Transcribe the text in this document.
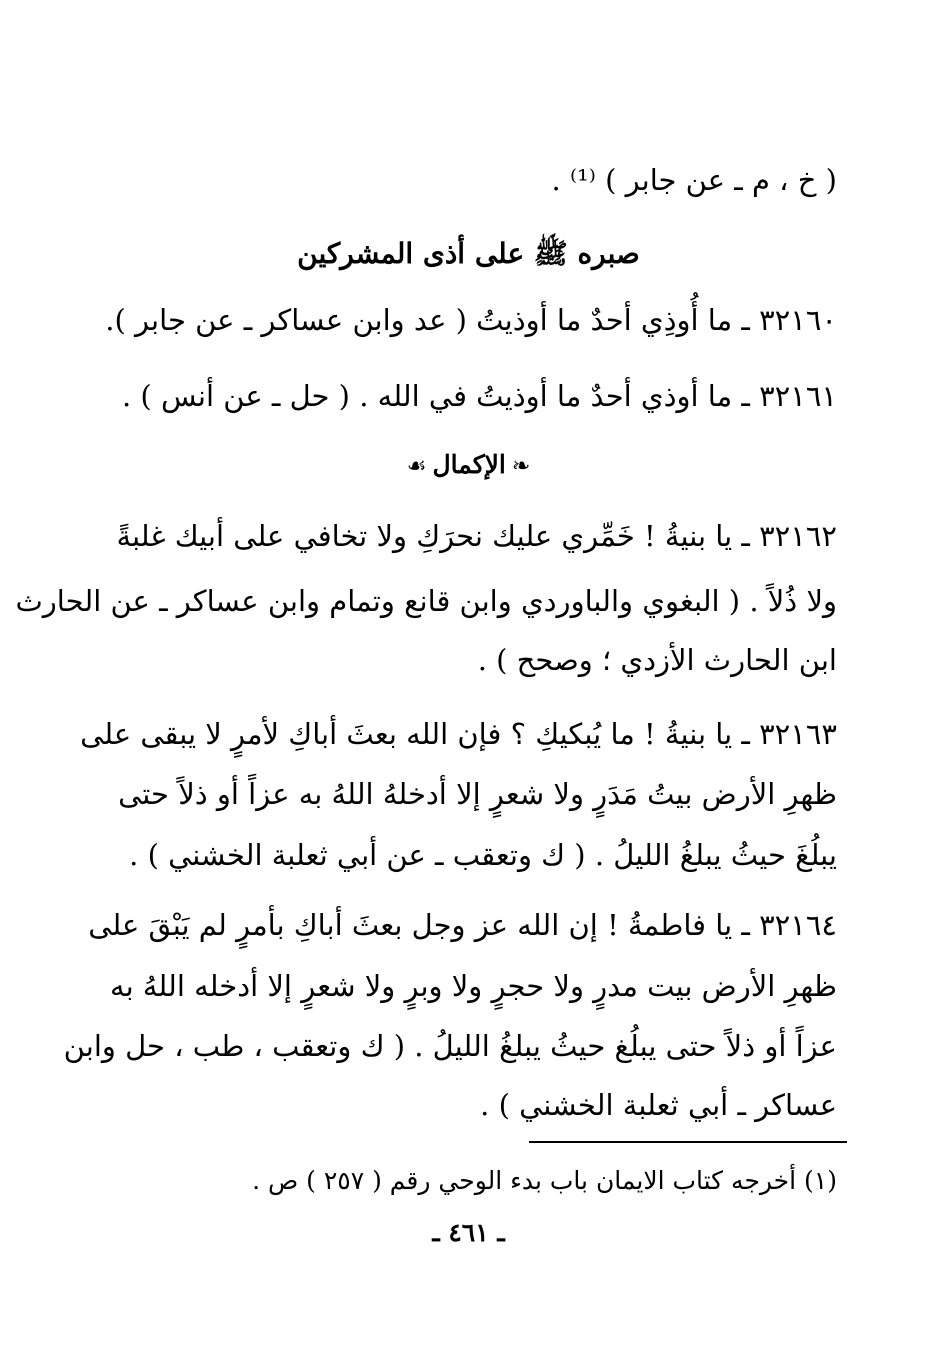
( خ ، م ـ عن جابر ) ⁽¹⁾ .
صبره ﷺ على أذى المشركين
٣٢١٦٠ ـ ما أُوذِي أحدٌ ما أوذيتُ ( عد وابن عساكر ـ عن جابر ).
٣٢١٦١ ـ ما أوذي أحدٌ ما أوذيتُ في الله . ( حل ـ عن أنس ) .
❧الإكمال☙
٣٢١٦٢ ـ يا بنيةُ ! خَمِّري عليك نحرَكِ ولا تخافي على أبيك غلبةً
ولا ذُلاً . ( البغوي والباوردي وابن قانع وتمام وابن عساكر ـ عن الحارث
ابن الحارث الأزدي ؛ وصحح ) .
٣٢١٦٣ ـ يا بنيةُ ! ما يُبكيكِ ؟ فإن الله بعثَ أباكِ لأمرٍ لا يبقى على
ظهرِ الأرض بيتُ مَدَرٍ ولا شعرٍ إلا أدخلهُ اللهُ به عزاً أو ذلاً حتى
يبلُغَ حيثُ يبلغُ الليلُ . ( ك وتعقب ـ عن أبي ثعلبة الخشني ) .
٣٢١٦٤ ـ يا فاطمةُ ! إن الله عز وجل بعثَ أباكِ بأمرٍ لم يَبْقَ على
ظهرِ الأرض بيت مدرٍ ولا حجرٍ ولا وبرٍ ولا شعرٍ إلا أدخله اللهُ به
عزاً أو ذلاً حتى يبلُغ حيثُ يبلغُ الليلُ . ( ك وتعقب ، طب ، حل وابن
عساكر ـ أبي ثعلبة الخشني ) .
(١) أخرجه كتاب الايمان باب بدء الوحي رقم ( ٢٥٧ ) ص .
ـ ٤٦١ ـ
